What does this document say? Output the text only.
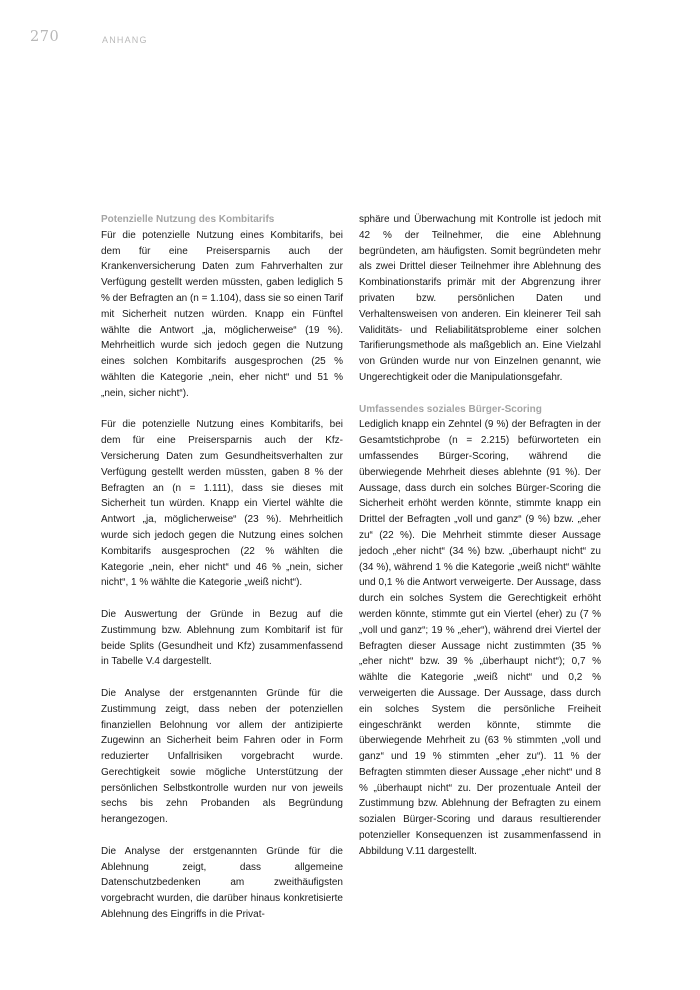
270	ANHANG
Potenzielle Nutzung des Kombitarifs

Für die potenzielle Nutzung eines Kombitarifs, bei dem für eine Preisersparnis auch der Krankenversicherung Daten zum Fahrverhalten zur Verfügung gestellt werden müssten, gaben lediglich 5 % der Befragten an (n = 1.104), dass sie so einen Tarif mit Sicherheit nutzen würden. Knapp ein Fünftel wählte die Antwort „ja, möglicherweise“ (19 %). Mehrheitlich wurde sich jedoch gegen die Nutzung eines solchen Kombitarifs ausgesprochen (25 % wählten die Kategorie „nein, eher nicht“ und 51 % „nein, sicher nicht“).

Für die potenzielle Nutzung eines Kombitarifs, bei dem für eine Preisersparnis auch der Kfz-Versicherung Daten zum Gesundheitsverhalten zur Verfügung gestellt werden müssten, gaben 8 % der Befragten an (n = 1.111), dass sie dieses mit Sicherheit tun würden. Knapp ein Viertel wählte die Antwort „ja, möglicherweise“ (23 %). Mehrheitlich wurde sich jedoch gegen die Nutzung eines solchen Kombitarifs ausgesprochen (22 % wählten die Kategorie „nein, eher nicht“ und 46 % „nein, sicher nicht“, 1 % wählte die Kategorie „weiß nicht“).

Die Auswertung der Gründe in Bezug auf die Zustimmung bzw. Ablehnung zum Kombitarif ist für beide Splits (Gesundheit und Kfz) zusammenfassend in Tabelle V.4 dargestellt.

Die Analyse der erstgenannten Gründe für die Zustimmung zeigt, dass neben der potenziellen finanziellen Belohnung vor allem der antizipierte Zugewinn an Sicherheit beim Fahren oder in Form reduzierter Unfallrisiken vorgebracht wurde. Gerechtigkeit sowie mögliche Unterstützung der persönlichen Selbstkontrolle wurden nur von jeweils sechs bis zehn Probanden als Begründung herangezogen.

Die Analyse der erstgenannten Gründe für die Ablehnung zeigt, dass allgemeine Datenschutzbedenken am zweithäufigsten vorgebracht wurden, die darüber hinaus konkretisierte Ablehnung des Eingriffs in die Privat-

sphäre und Überwachung mit Kontrolle ist jedoch mit 42 % der Teilnehmer, die eine Ablehnung begründeten, am häufigsten. Somit begründeten mehr als zwei Drittel dieser Teilnehmer ihre Ablehnung des Kombinationstarifs primär mit der Abgrenzung ihrer privaten bzw. persönlichen Daten und Verhaltensweisen von anderen. Ein kleinerer Teil sah Validitäts- und Reliabilitätsprobleme einer solchen Tarifierungsmethode als maßgeblich an. Eine Vielzahl von Gründen wurde nur von Einzelnen genannt, wie Ungerechtigkeit oder die Manipulationsgefahr.

Umfassendes soziales Bürger-Scoring

Lediglich knapp ein Zehntel (9 %) der Befragten in der Gesamtstichprobe (n = 2.215) befürworteten ein umfassendes Bürger-Scoring, während die überwiegende Mehrheit dieses ablehnte (91 %). Der Aussage, dass durch ein solches Bürger-Scoring die Sicherheit erhöht werden könnte, stimmte knapp ein Drittel der Befragten „voll und ganz“ (9 %) bzw. „eher zu“ (22 %). Die Mehrheit stimmte dieser Aussage jedoch „eher nicht“ (34 %) bzw. „überhaupt nicht“ zu (34 %), während 1 % die Kategorie „weiß nicht“ wählte und 0,1 % die Antwort verweigerte. Der Aussage, dass durch ein solches System die Gerechtigkeit erhöht werden könnte, stimmte gut ein Viertel (eher) zu (7 % „voll und ganz“; 19 % „eher“), während drei Viertel der Befragten dieser Aussage nicht zustimmten (35 % „eher nicht“ bzw. 39 % „überhaupt nicht“); 0,7 % wählte die Kategorie „weiß nicht“ und 0,2 % verweigerten die Aussage. Der Aussage, dass durch ein solches System die persönliche Freiheit eingeschränkt werden könnte, stimmte die überwiegende Mehrheit zu (63 % stimmten „voll und ganz“ und 19 % stimmten „eher zu“). 11 % der Befragten stimmten dieser Aussage „eher nicht“ und 8 % „überhaupt nicht“ zu. Der prozentuale Anteil der Zustimmung bzw. Ablehnung der Befragten zu einem sozialen Bürger-Scoring und daraus resultierender potenzieller Konsequenzen ist zusammenfassend in Abbildung V.11 dargestellt.
